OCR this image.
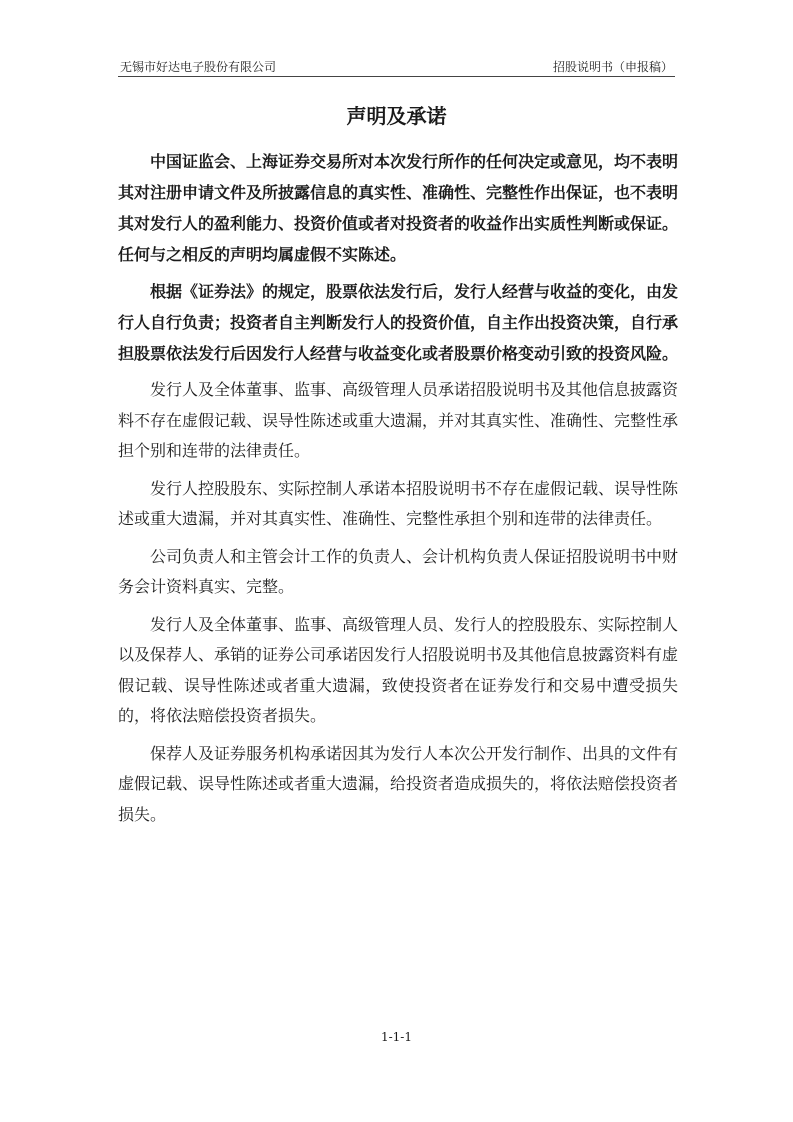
无锡市好达电子股份有限公司	招股说明书（申报稿）
声明及承诺

中国证监会、上海证券交易所对本次发行所作的任何决定或意见，均不表明其对注册申请文件及所披露信息的真实性、准确性、完整性作出保证，也不表明其对发行人的盈利能力、投资价值或者对投资者的收益作出实质性判断或保证。任何与之相反的声明均属虚假不实陈述。

根据《证券法》的规定，股票依法发行后，发行人经营与收益的变化，由发行人自行负责；投资者自主判断发行人的投资价值，自主作出投资决策，自行承担股票依法发行后因发行人经营与收益变化或者股票价格变动引致的投资风险。

发行人及全体董事、监事、高级管理人员承诺招股说明书及其他信息披露资料不存在虚假记载、误导性陈述或重大遗漏，并对其真实性、准确性、完整性承担个别和连带的法律责任。

发行人控股股东、实际控制人承诺本招股说明书不存在虚假记载、误导性陈述或重大遗漏，并对其真实性、准确性、完整性承担个别和连带的法律责任。

公司负责人和主管会计工作的负责人、会计机构负责人保证招股说明书中财务会计资料真实、完整。

发行人及全体董事、监事、高级管理人员、发行人的控股股东、实际控制人以及保荐人、承销的证券公司承诺因发行人招股说明书及其他信息披露资料有虚假记载、误导性陈述或者重大遗漏，致使投资者在证券发行和交易中遭受损失的，将依法赔偿投资者损失。

保荐人及证券服务机构承诺因其为发行人本次公开发行制作、出具的文件有虚假记载、误导性陈述或者重大遗漏，给投资者造成损失的，将依法赔偿投资者损失。

1-1-1
